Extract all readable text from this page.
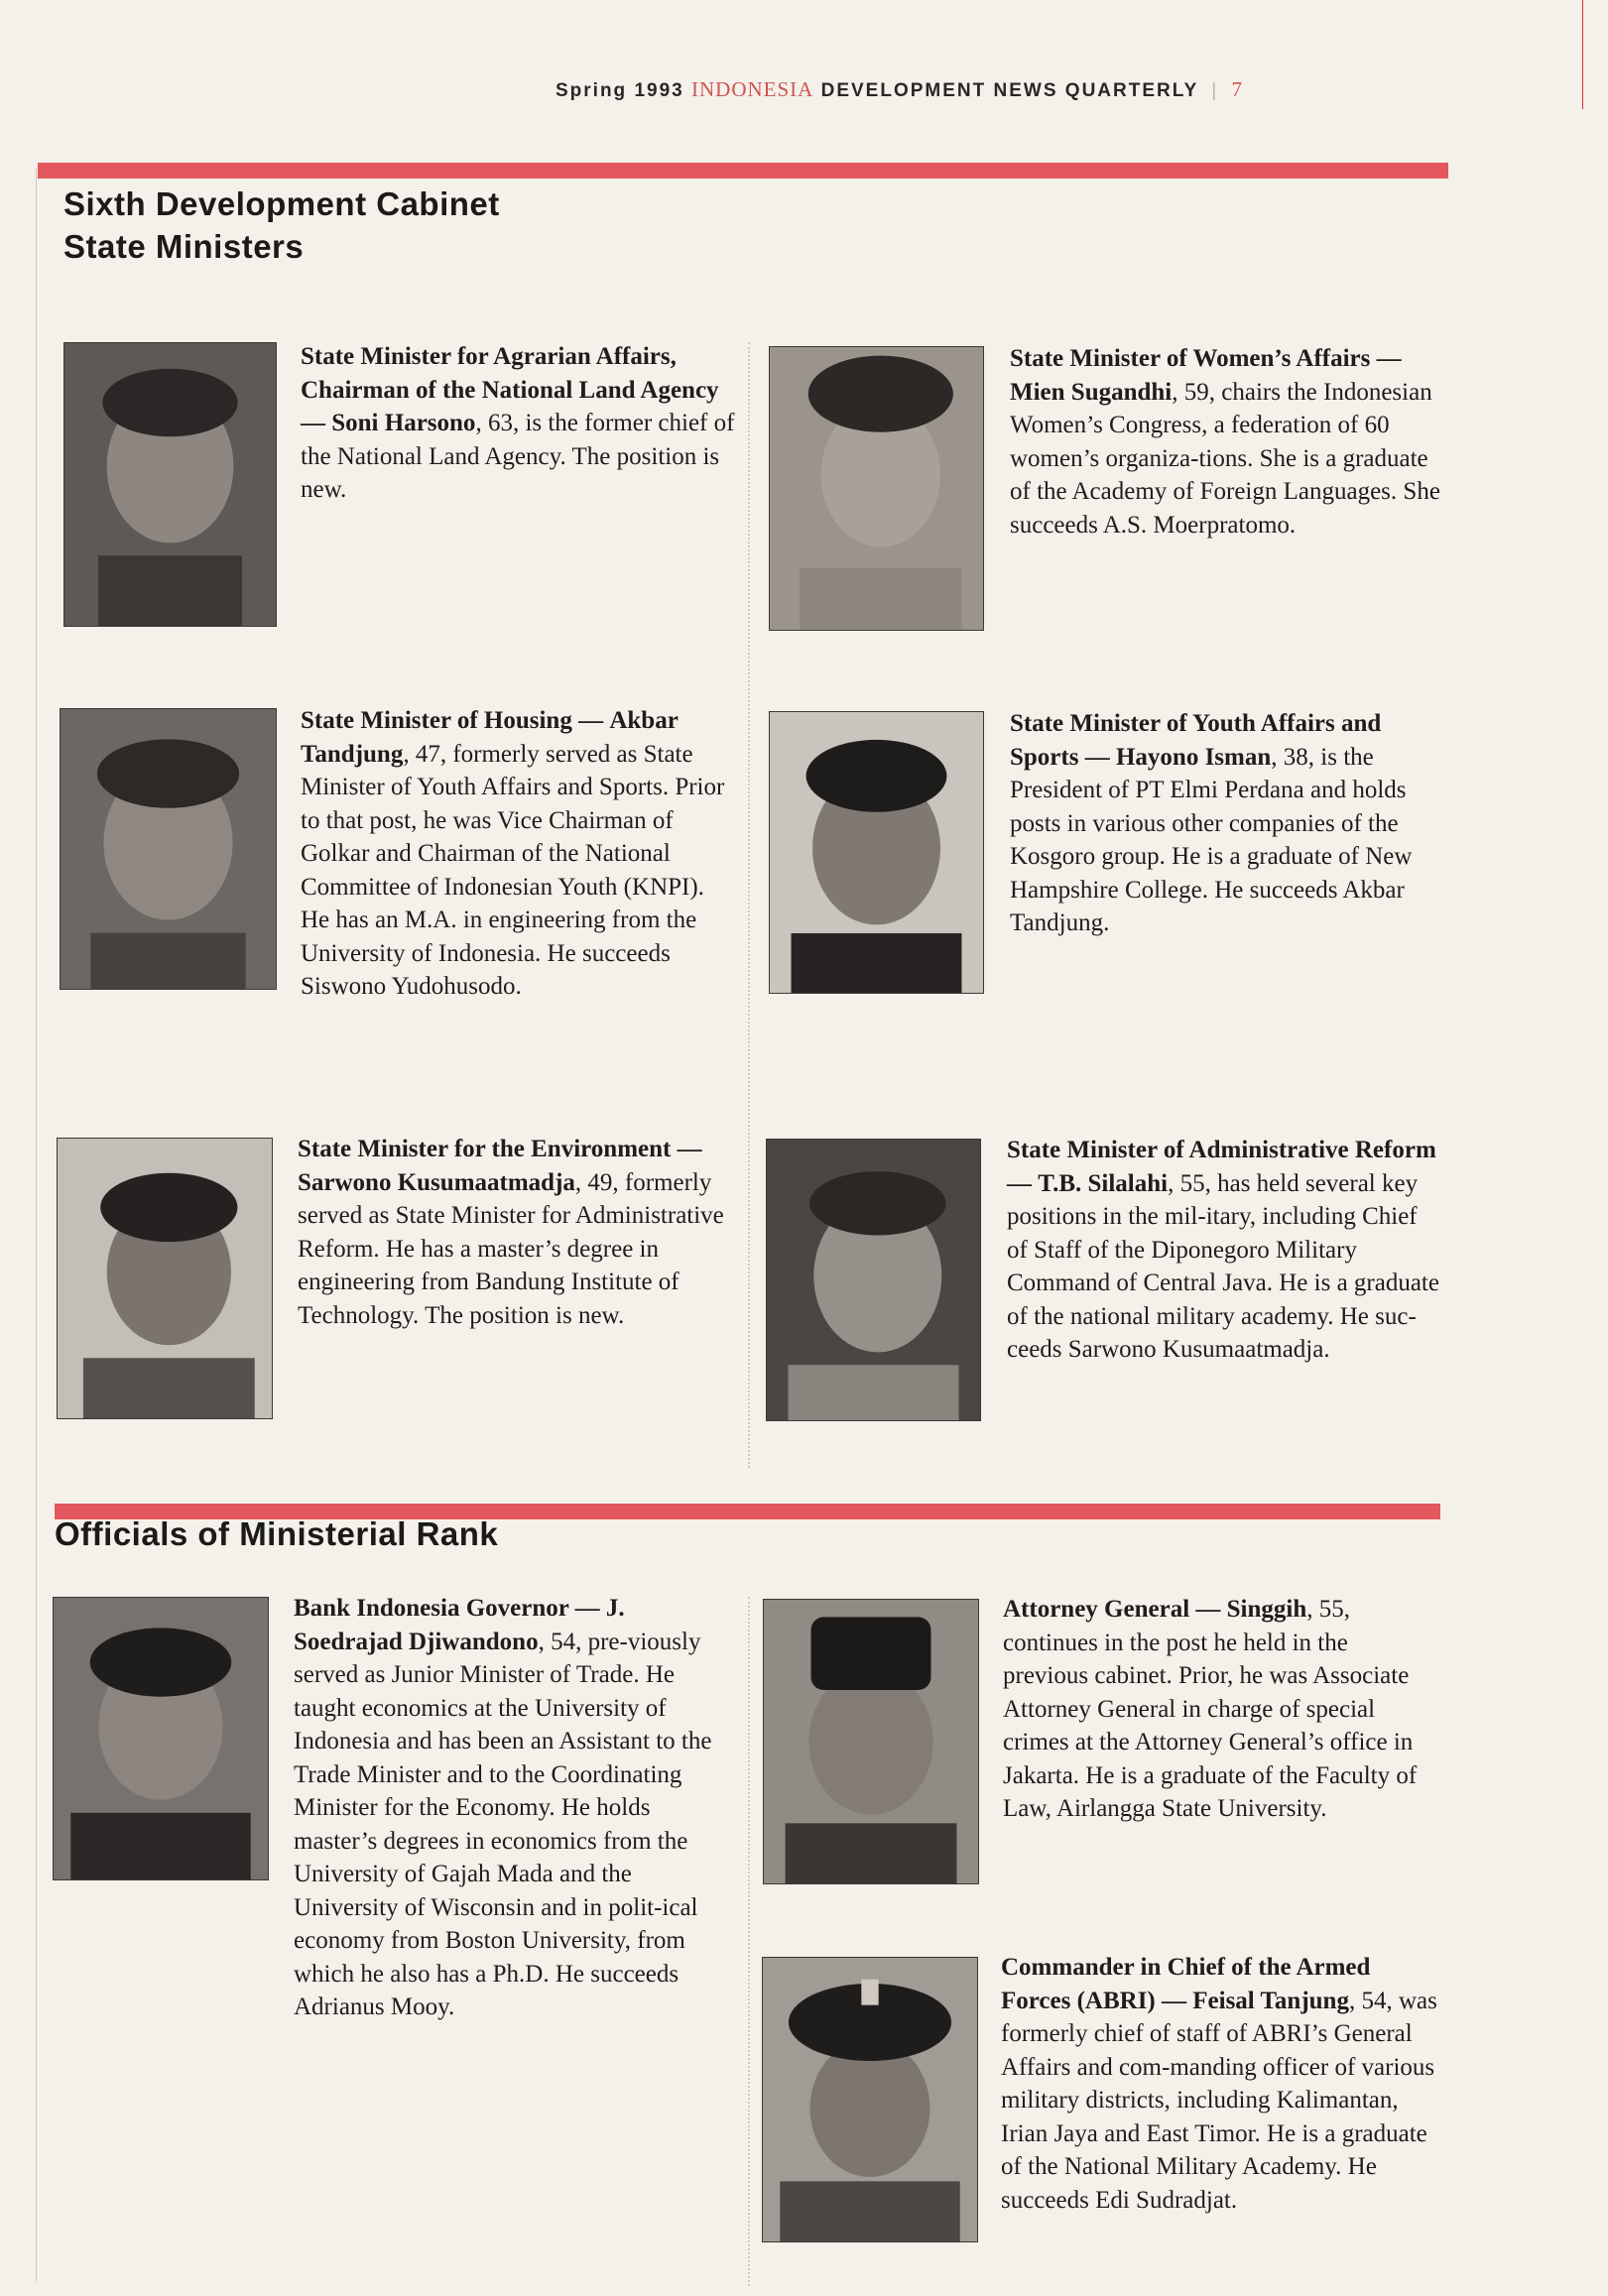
Spring 1993 INDONESIA DEVELOPMENT NEWS QUARTERLY | 7
Sixth Development Cabinet
State Ministers
State Minister for Agrarian Affairs, Chairman of the National Land Agency — Soni Harsono, 63, is the former chief of the National Land Agency. The position is new.
State Minister of Women’s Affairs — Mien Sugandhi, 59, chairs the Indonesian Women’s Congress, a federation of 60 women’s organiza-tions. She is a graduate of the Academy of Foreign Languages. She succeeds A.S. Moerpratomo.
State Minister of Housing — Akbar Tandjung, 47, formerly served as State Minister of Youth Affairs and Sports. Prior to that post, he was Vice Chairman of Golkar and Chairman of the National Committee of Indonesian Youth (KNPI). He has an M.A. in engineering from the University of Indonesia. He succeeds Siswono Yudohusodo.
State Minister of Youth Affairs and Sports — Hayono Isman, 38, is the President of PT Elmi Perdana and holds posts in various other companies of the Kosgoro group. He is a graduate of New Hampshire College. He succeeds Akbar Tandjung.
State Minister for the Environment — Sarwono Kusumaatmadja, 49, formerly served as State Minister for Administrative Reform. He has a master’s degree in engineering from Bandung Institute of Technology. The position is new.
State Minister of Administrative Reform — T.B. Silalahi, 55, has held several key positions in the mil-itary, including Chief of Staff of the Diponegoro Military Command of Central Java. He is a graduate of the national military academy. He suc-ceeds Sarwono Kusumaatmadja.
Officials of Ministerial Rank
Bank Indonesia Governor — J. Soedrajad Djiwandono, 54, pre-viously served as Junior Minister of Trade. He taught economics at the University of Indonesia and has been an Assistant to the Trade Minister and to the Coordinating Minister for the Economy. He holds master’s degrees in economics from the University of Gajah Mada and the University of Wisconsin and in polit-ical economy from Boston University, from which he also has a Ph.D. He succeeds Adrianus Mooy.
Attorney General — Singgih, 55, continues in the post he held in the previous cabinet. Prior, he was Associate Attorney General in charge of special crimes at the Attorney General’s office in Jakarta. He is a graduate of the Faculty of Law, Airlangga State University.
Commander in Chief of the Armed Forces (ABRI) — Feisal Tanjung, 54, was formerly chief of staff of ABRI’s General Affairs and com-manding officer of various military districts, including Kalimantan, Irian Jaya and East Timor. He is a graduate of the National Military Academy. He succeeds Edi Sudradjat.
